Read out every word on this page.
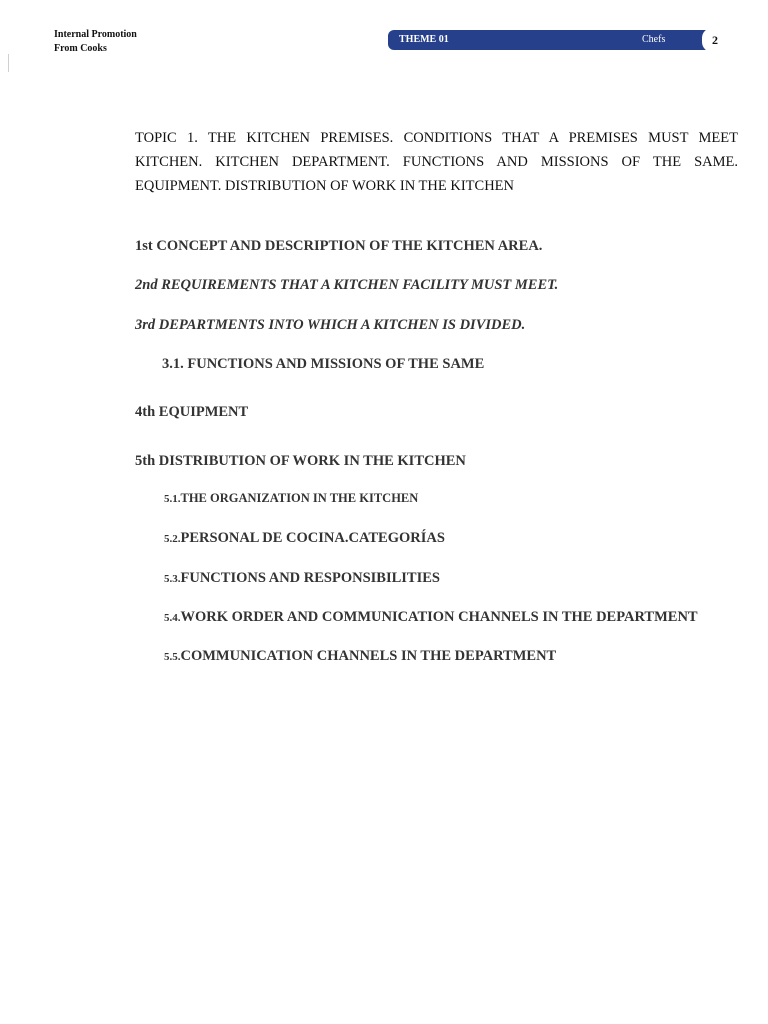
Internal Promotion
From Cooks
THEME 01	Chefs	2
TOPIC 1. THE KITCHEN PREMISES. CONDITIONS THAT A PREMISES MUST MEET KITCHEN. KITCHEN DEPARTMENT. FUNCTIONS AND MISSIONS OF THE SAME. EQUIPMENT. DISTRIBUTION OF WORK IN THE KITCHEN
1st CONCEPT AND DESCRIPTION OF THE KITCHEN AREA.
2nd REQUIREMENTS THAT A KITCHEN FACILITY MUST MEET.
3rd DEPARTMENTS INTO WHICH A KITCHEN IS DIVIDED.
3.1. FUNCTIONS AND MISSIONS OF THE SAME
4th EQUIPMENT
5th DISTRIBUTION OF WORK IN THE KITCHEN
5.1.THE ORGANIZATION IN THE KITCHEN
5.2.PERSONAL DE COCINA.CATEGORÍAS
5.3.FUNCTIONS AND RESPONSIBILITIES
5.4.WORK ORDER AND COMMUNICATION CHANNELS IN THE DEPARTMENT
5.5.COMMUNICATION CHANNELS IN THE DEPARTMENT
